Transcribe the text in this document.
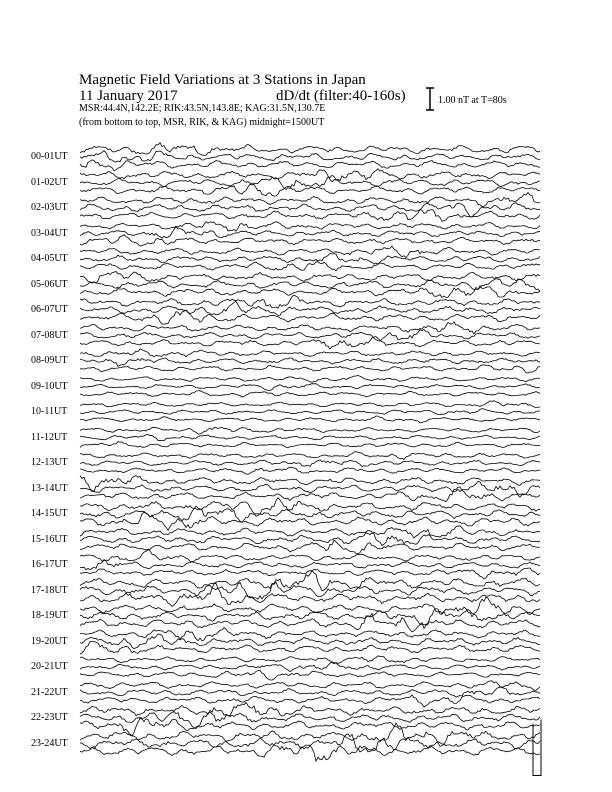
Magnetic Field Variations at 3 Stations in Japan
11 January 2017	dD/dt (filter:40-160s)
MSR:44.4N,142.2E; RIK:43.5N,143.8E; KAG:31.5N,130.7E
(from bottom to top, MSR, RIK, & KAG) midnight=1500UT
1.00 nT at T=80s
00-01UT
01-02UT
02-03UT
03-04UT
04-05UT
05-06UT
06-07UT
07-08UT
08-09UT
09-10UT
10-11UT
11-12UT
12-13UT
13-14UT
14-15UT
15-16UT
16-17UT
17-18UT
18-19UT
19-20UT
20-21UT
21-22UT
22-23UT
23-24UT
